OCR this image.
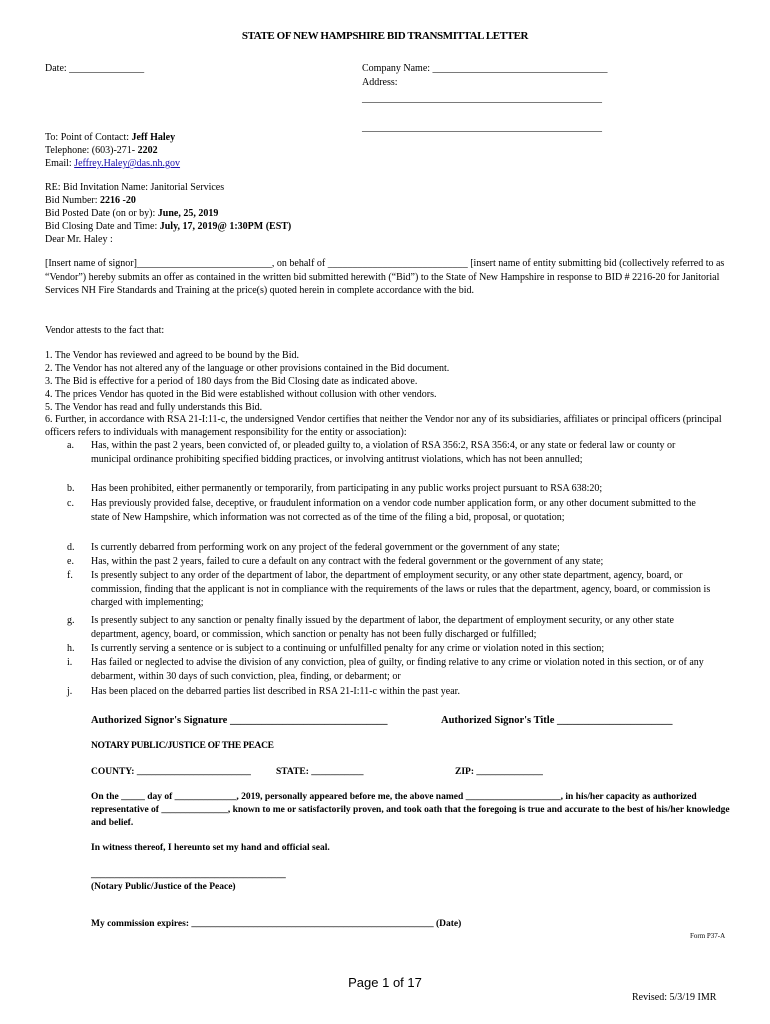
STATE OF NEW HAMPSHIRE BID TRANSMITTAL LETTER
Date: _______________	Company Name: ___________________________________
Address:
________________________________________________
________________________________________________
To: Point of Contact: Jeff Haley
Telephone: (603)-271- 2202
Email: Jeffrey.Haley@das.nh.gov
RE: Bid Invitation Name: Janitorial Services
Bid Number: 2216 -20
Bid Posted Date (on or by): June, 25, 2019
Bid Closing Date and Time: July, 17, 2019@ 1:30PM (EST)
Dear Mr. Haley :
[Insert name of signor]___________________________, on behalf of ____________________________ [insert name of entity submitting bid (collectively referred to as “Vendor”) hereby submits an offer as contained in the written bid submitted herewith (“Bid”) to the State of New Hampshire in response to BID # 2216-20 for Janitorial Services NH Fire Standards and Training at the price(s) quoted herein in complete accordance with the bid.
Vendor attests to the fact that:
1. The Vendor has reviewed and agreed to be bound by the Bid.
2. The Vendor has not altered any of the language or other provisions contained in the Bid document.
3. The Bid is effective for a period of 180 days from the Bid Closing date as indicated above.
4. The prices Vendor has quoted in the Bid were established without collusion with other vendors.
5. The Vendor has read and fully understands this Bid.
6. Further, in accordance with RSA 21-I:11-c, the undersigned Vendor certifies that neither the Vendor nor any of its subsidiaries, affiliates or principal officers (principal officers refers to individuals with management responsibility for the entity or association):
a. Has, within the past 2 years, been convicted of, or pleaded guilty to, a violation of RSA 356:2, RSA 356:4, or any state or federal law or county or municipal ordinance prohibiting specified bidding practices, or involving antitrust violations, which has not been annulled;
b. Has been prohibited, either permanently or temporarily, from participating in any public works project pursuant to RSA 638:20;
c. Has previously provided false, deceptive, or fraudulent information on a vendor code number application form, or any other document submitted to the state of New Hampshire, which information was not corrected as of the time of the filing a bid, proposal, or quotation;
d. Is currently debarred from performing work on any project of the federal government or the government of any state;
e. Has, within the past 2 years, failed to cure a default on any contract with the federal government or the government of any state;
f. Is presently subject to any order of the department of labor, the department of employment security, or any other state department, agency, board, or commission, finding that the applicant is not in compliance with the requirements of the laws or rules that the department, agency, board, or commission is charged with implementing;
g. Is presently subject to any sanction or penalty finally issued by the department of labor, the department of employment security, or any other state department, agency, board, or commission, which sanction or penalty has not been fully discharged or fulfilled;
h. Is currently serving a sentence or is subject to a continuing or unfulfilled penalty for any crime or violation noted in this section;
i. Has failed or neglected to advise the division of any conviction, plea of guilty, or finding relative to any crime or violation noted in this section, or of any debarment, within 30 days of such conviction, plea, finding, or debarment; or
j. Has been placed on the debarred parties list described in RSA 21-I:11-c within the past year.
Authorized Signor's Signature ______________________________	Authorized Signor's Title ______________________
NOTARY PUBLIC/JUSTICE OF THE PEACE
COUNTY: ________________________	STATE: ___________	ZIP: ______________
On the _____ day of _____________, 2019, personally appeared before me, the above named ____________________, in his/her capacity as authorized representative of ______________, known to me or satisfactorily proven, and took oath that the foregoing is true and accurate to the best of his/her knowledge and belief.
In witness thereof, I hereunto set my hand and official seal.
_________________________________________
(Notary Public/Justice of the Peace)
My commission expires: ___________________________________________________ (Date)
Form P37-A
Page 1 of 17
Revised: 5/3/19 IMR
